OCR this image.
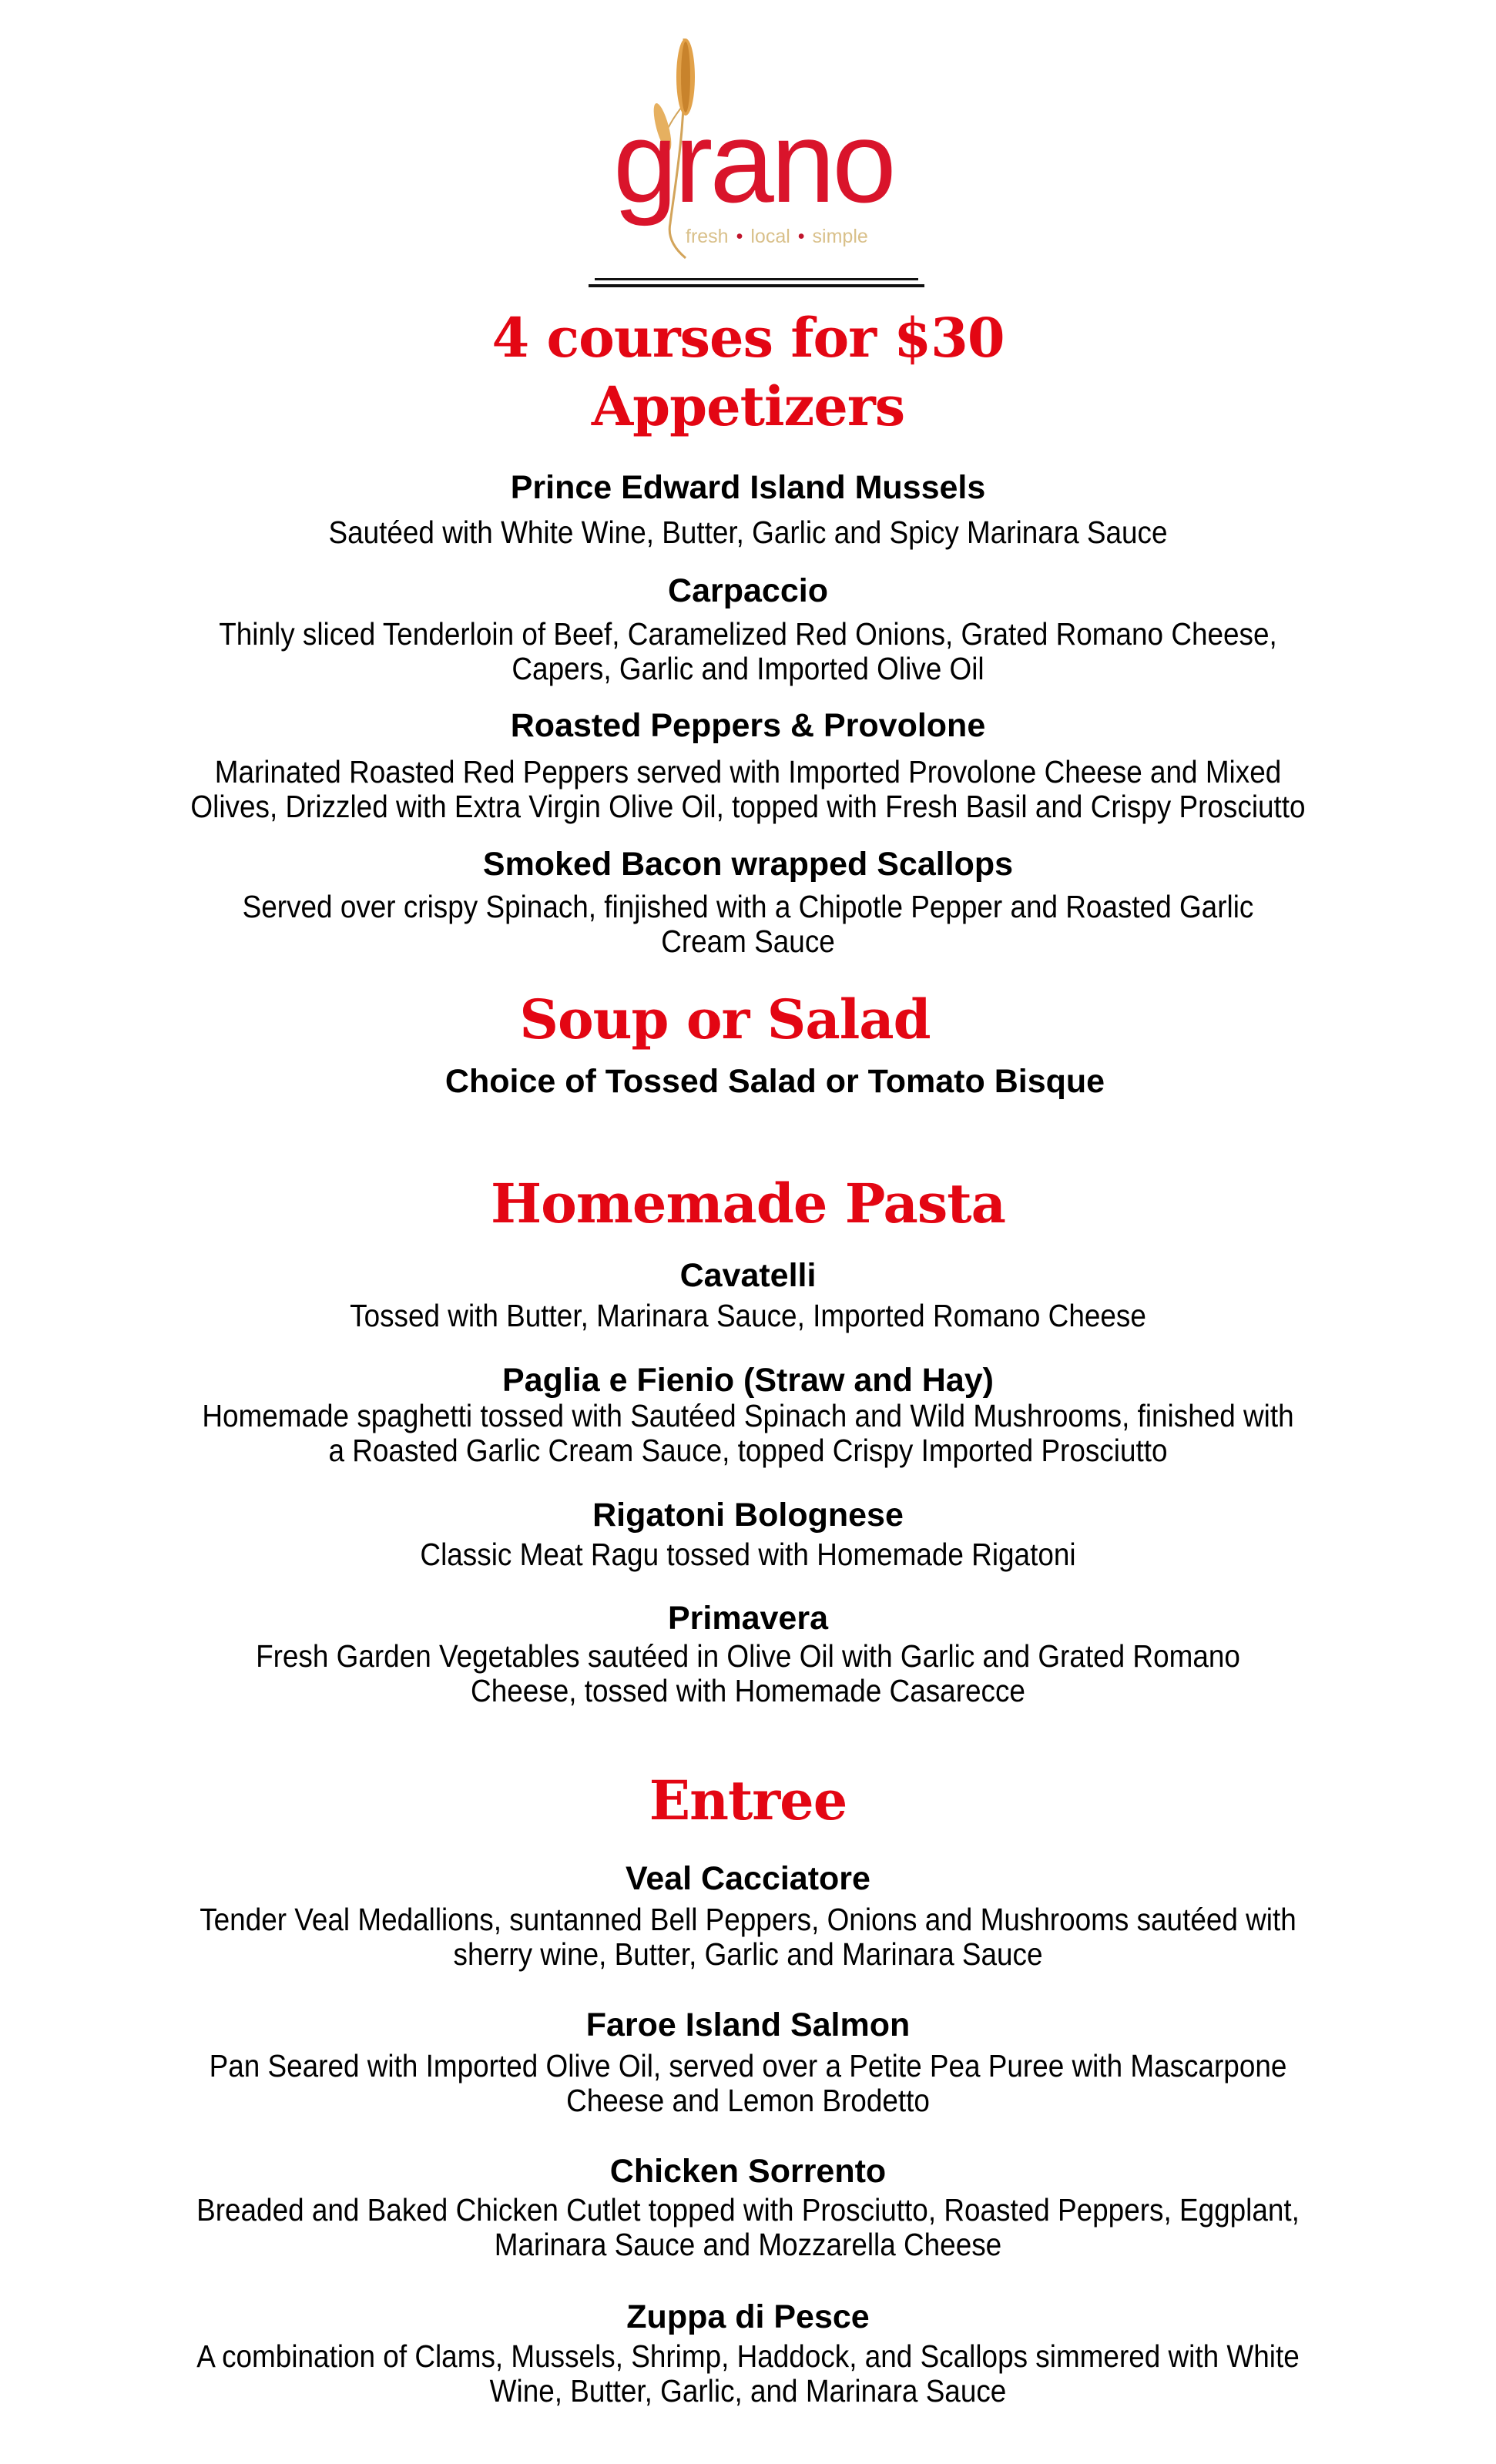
grano
fresh • local • simple
4 courses for $30
Appetizers
Prince Edward Island Mussels
Sautéed with White Wine, Butter, Garlic and Spicy Marinara Sauce
Carpaccio
Thinly sliced Tenderloin of Beef, Caramelized Red Onions, Grated Romano Cheese,
Capers, Garlic and Imported Olive Oil
Roasted Peppers & Provolone
Marinated Roasted Red Peppers served with Imported Provolone Cheese and Mixed
Olives, Drizzled with Extra Virgin Olive Oil, topped with Fresh Basil and Crispy Prosciutto
Smoked Bacon wrapped Scallops
Served over crispy Spinach, finjished with a Chipotle Pepper and Roasted Garlic
Cream Sauce
Soup or Salad
Choice of Tossed Salad or Tomato Bisque
Homemade Pasta
Cavatelli
Tossed with Butter, Marinara Sauce, Imported Romano Cheese
Paglia e Fienio (Straw and Hay)
Homemade spaghetti tossed with Sautéed Spinach and Wild Mushrooms, finished with
a Roasted Garlic Cream Sauce, topped Crispy Imported Prosciutto
Rigatoni Bolognese
Classic Meat Ragu tossed with Homemade Rigatoni
Primavera
Fresh Garden Vegetables sautéed in Olive Oil with Garlic and Grated Romano
Cheese, tossed with Homemade Casarecce
Entree
Veal Cacciatore
Tender Veal Medallions, suntanned Bell Peppers, Onions and Mushrooms sautéed with
sherry wine, Butter, Garlic and Marinara Sauce
Faroe Island Salmon
Pan Seared with Imported Olive Oil, served over a Petite Pea Puree with Mascarpone
Cheese and Lemon Brodetto
Chicken Sorrento
Breaded and Baked Chicken Cutlet topped with Prosciutto, Roasted Peppers, Eggplant,
Marinara Sauce and Mozzarella Cheese
Zuppa di Pesce
A combination of Clams, Mussels, Shrimp, Haddock, and Scallops simmered with White
Wine, Butter, Garlic, and Marinara Sauce
